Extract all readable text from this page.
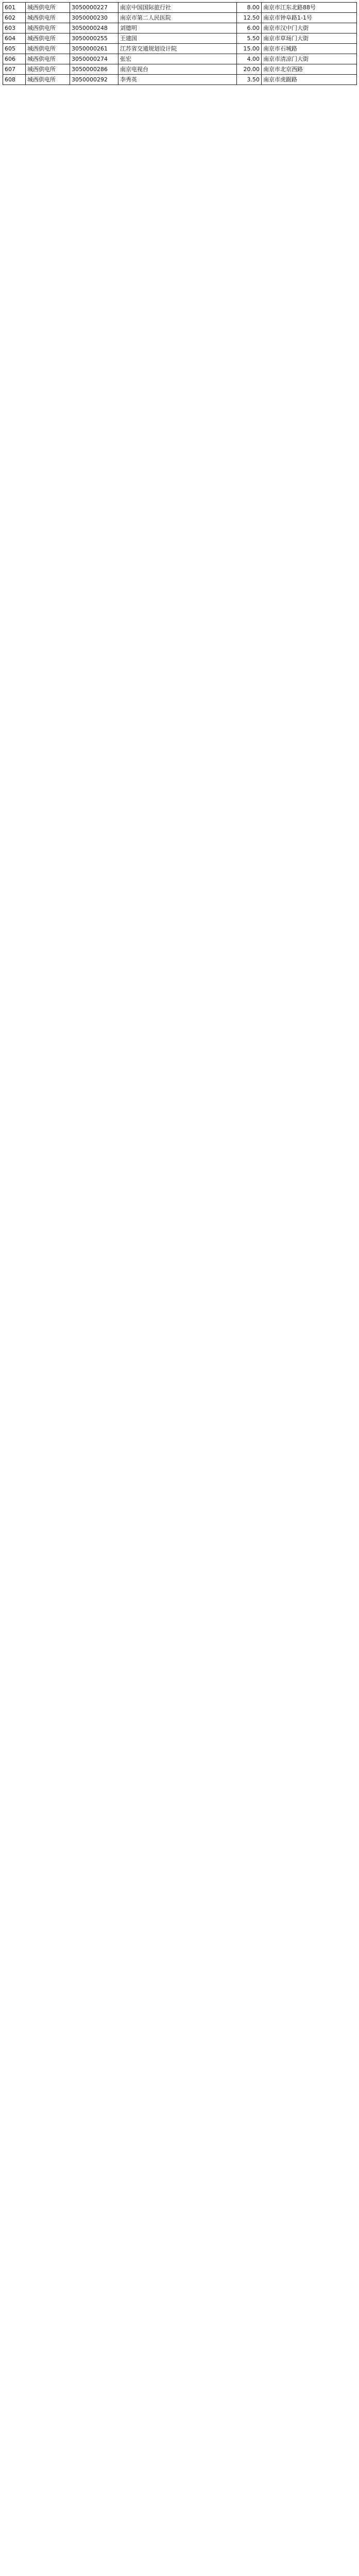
601	城西供电所	3050000227	南京中国国际旅行社	8.00	南京市江东北路88号
602	城西供电所	3050000230	南京市第二人民医院	12.50	南京市钟阜路1-1号
603	城西供电所	3050000248	刘德明	6.00	南京市汉中门大街
604	城西供电所	3050000255	王建国	5.50	南京市草场门大街
605	城西供电所	3050000261	江苏省交通规划设计院	15.00	南京市石城路
606	城西供电所	3050000274	张宏	4.00	南京市清凉门大街
607	城西供电所	3050000286	南京电视台	20.00	南京市北京西路
608	城西供电所	3050000292	李秀英	3.50	南京市虎踞路
